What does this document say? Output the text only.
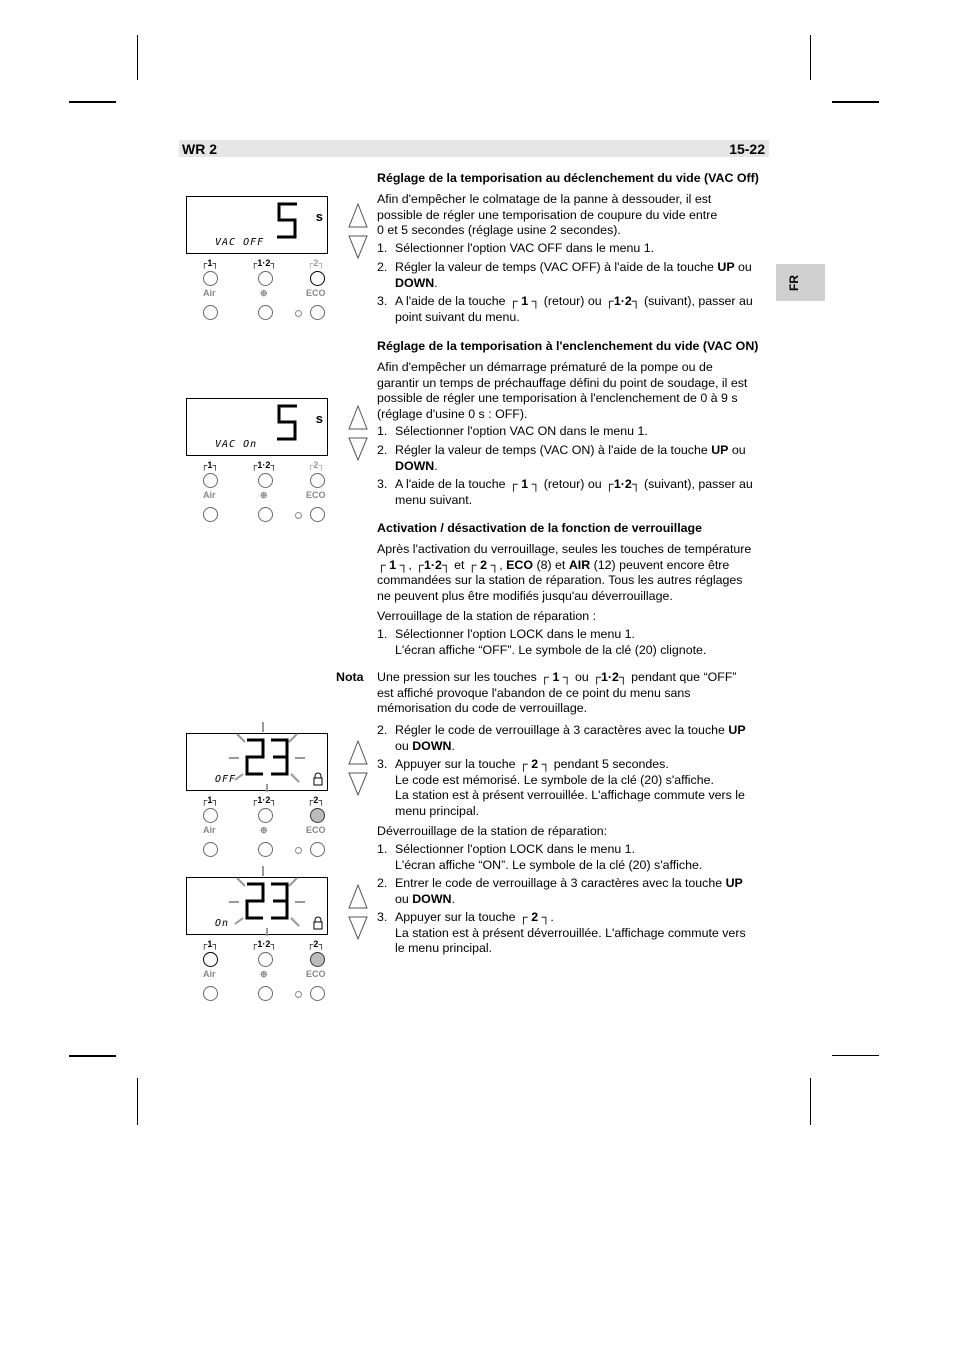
WR 2	15-22
FR
Réglage de la temporisation au déclenchement du vide (VAC Off)
Afin d'empêcher le colmatage de la panne à dessouder, il est
possible de régler une temporisation de coupure du vide entre
0 et 5 secondes (réglage usine 2 secondes).
1. Sélectionner l'option VAC OFF dans le menu 1.
2. Régler la valeur de temps (VAC OFF) à l'aide de la touche UP ou
DOWN.
3. A l'aide de la touche ┌ 1 ┐ (retour) ou ┌1·2┐ (suivant), passer au
point suivant du menu.
Réglage de la temporisation à l'enclenchement du vide (VAC ON)
Afin d'empêcher un démarrage prématuré de la pompe ou de
garantir un temps de préchauffage défini du point de soudage, il est
possible de régler une temporisation à l'enclenchement de 0 à 9 s
(réglage d'usine 0 s : OFF).
1. Sélectionner l'option VAC ON dans le menu 1.
2. Régler la valeur de temps (VAC ON) à l'aide de la touche UP ou
DOWN.
3. A l'aide de la touche ┌ 1 ┐ (retour) ou ┌1·2┐ (suivant), passer au
menu suivant.
Activation / désactivation de la fonction de verrouillage
Après l'activation du verrouillage, seules les touches de température
┌ 1 ┐, ┌1·2┐ et ┌ 2 ┐, ECO (8) et AIR (12) peuvent encore être
commandées sur la station de réparation. Tous les autres réglages
ne peuvent plus être modifiés jusqu'au déverrouillage.
Verrouillage de la station de réparation :
1. Sélectionner l'option LOCK dans le menu 1.
L'écran affiche “OFF”. Le symbole de la clé (20) clignote.
Nota Une pression sur les touches ┌ 1 ┐ ou ┌1·2┐ pendant que “OFF”
est affiché provoque l'abandon de ce point du menu sans
mémorisation du code de verrouillage.
2. Régler le code de verrouillage à 3 caractères avec la touche UP
ou DOWN.
3. Appuyer sur la touche ┌ 2 ┐ pendant 5 secondes.
Le code est mémorisé. Le symbole de la clé (20) s'affiche.
La station est à présent verrouillée. L'affichage commute vers le
menu principal.
Déverrouillage de la station de réparation:
1. Sélectionner l'option LOCK dans le menu 1.
L'écran affiche “ON”. Le symbole de la clé (20) s'affiche.
2. Entrer le code de verrouillage à 3 caractères avec la touche UP
ou DOWN.
3. Appuyer sur la touche ┌ 2 ┐.
La station est à présent déverrouillée. L'affichage commute vers
le menu principal.
s
VAC OFF
┌1┐	┌1·2┐	┌2┐
Air	⊕	ECO
s
VAC On
┌1┐	┌1·2┐	┌2┐
Air	⊕	ECO
OFF
┌1┐	┌1·2┐	┌2┐
Air	⊕	ECO
On
┌1┐	┌1·2┐	┌2┐
Air	⊕	ECO
